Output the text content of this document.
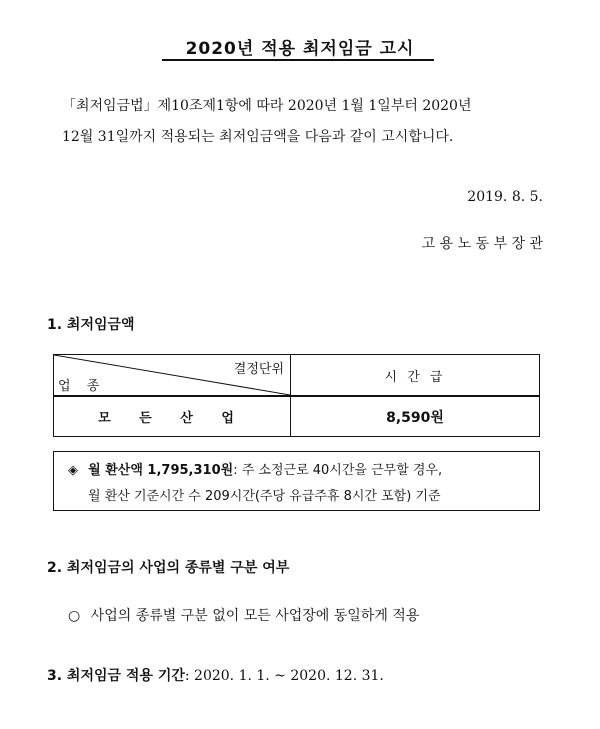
2020년 적용 최저임금 고시
「최저임금법」제10조제1항에 따라 2020년 1월 1일부터 2020년
12월 31일까지 적용되는 최저임금액을 다음과 같이 고시합니다.
2019. 8. 5.
고 용 노 동 부 장 관
1. 최저임금액
결정단위
업 종	시 간 급
모 든 산 업	8,590원
◈ 월 환산액 1,795,310원: 주 소정근로 40시간을 근무할 경우,
월 환산 기준시간 수 209시간(주당 유급주휴 8시간 포함) 기준
2. 최저임금의 사업의 종류별 구분 여부
○ 사업의 종류별 구분 없이 모든 사업장에 동일하게 적용
3. 최저임금 적용 기간: 2020. 1. 1. ~ 2020. 12. 31.
